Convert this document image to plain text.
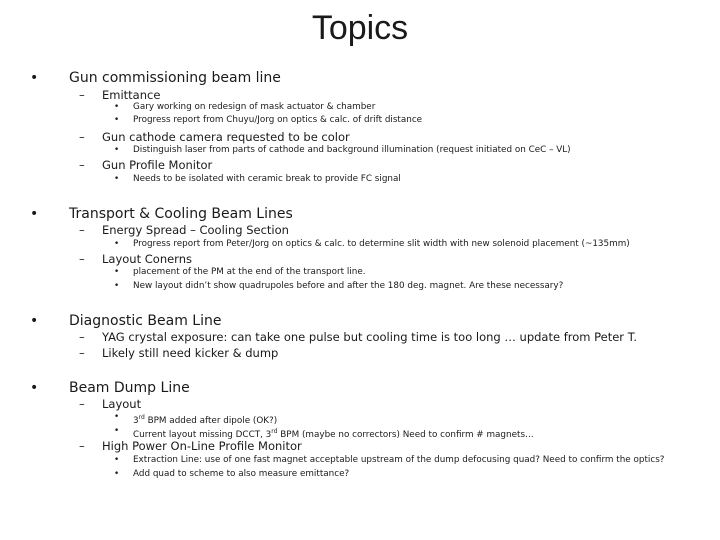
Topics
• Gun commissioning beam line
– Emittance
• Gary working on redesign of mask actuator & chamber
• Progress report from Chuyu/Jorg on optics & calc. of drift distance
– Gun cathode camera requested to be color
• Distinguish laser from parts of cathode and background illumination (request initiated on CeC – VL)
– Gun Profile Monitor
• Needs to be isolated with ceramic break to provide FC signal
• Transport & Cooling Beam Lines
– Energy Spread – Cooling Section
• Progress report from Peter/Jorg on optics & calc. to determine slit width with new solenoid placement (~135mm)
– Layout Conerns
• placement of the PM at the end of the transport line.
• New layout didn’t show quadrupoles before and after the 180 deg. magnet. Are these necessary?
• Diagnostic Beam Line
– YAG crystal exposure: can take one pulse but cooling time is too long … update from Peter T.
– Likely still need kicker & dump
• Beam Dump Line
– Layout
• 3rd BPM added after dipole (OK?)
• Current layout missing DCCT, 3rd BPM (maybe no correctors) Need to confirm # magnets…
– High Power On-Line Profile Monitor
• Extraction Line: use of one fast magnet acceptable upstream of the dump defocusing quad? Need to confirm the optics?
• Add quad to scheme to also measure emittance?
